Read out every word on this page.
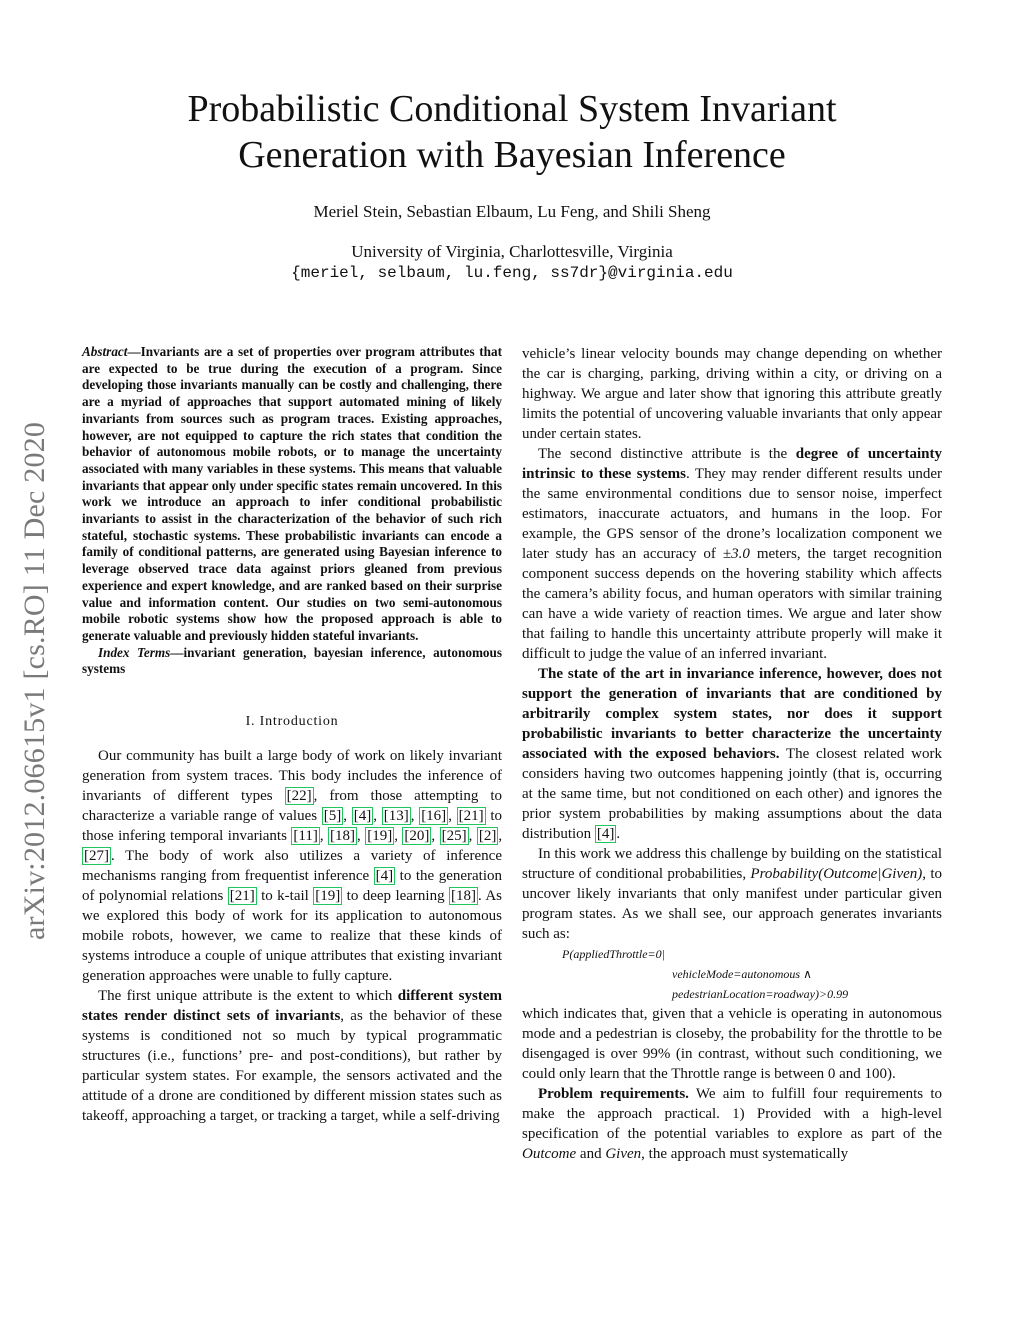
Probabilistic Conditional System Invariant
Generation with Bayesian Inference
Meriel Stein, Sebastian Elbaum, Lu Feng, and Shili Sheng
University of Virginia, Charlottesville, Virginia
{meriel, selbaum, lu.feng, ss7dr}@virginia.edu
arXiv:2012.06615v1 [cs.RO] 11 Dec 2020

Abstract—Invariants are a set of properties over program attributes that are expected to be true during the execution of a program. Since developing those invariants manually can be costly and challenging, there are a myriad of approaches that support automated mining of likely invariants from sources such as program traces. Existing approaches, however, are not equipped to capture the rich states that condition the behavior of autonomous mobile robots, or to manage the uncertainty associated with many variables in these systems. This means that valuable invariants that appear only under specific states remain uncovered. In this work we introduce an approach to infer conditional probabilistic invariants to assist in the characterization of the behavior of such rich stateful, stochastic systems. These probabilistic invariants can encode a family of conditional patterns, are generated using Bayesian inference to leverage observed trace data against priors gleaned from previous experience and expert knowledge, and are ranked based on their surprise value and information content. Our studies on two semi-autonomous mobile robotic systems show how the proposed approach is able to generate valuable and previously hidden stateful invariants.

Index Terms—invariant generation, bayesian inference, autonomous systems

I. Introduction

Our community has built a large body of work on likely invariant generation from system traces. This body includes the inference of invariants of different types [22] , from those attempting to characterize a variable range of values [5] , [4] , [13] , [16] , [21] to those infering temporal invariants [11] , [18] , [19] , [20] , [25] , [2] , [27] . The body of work also utilizes a variety of inference mechanisms ranging from frequentist inference [4] to the generation of polynomial relations [21] to k-tail [19] to deep learning [18] . As we explored this body of work for its application to autonomous mobile robots, however, we came to realize that these kinds of systems introduce a couple of unique attributes that existing invariant generation approaches were unable to fully capture.

The first unique attribute is the extent to which different system states render distinct sets of invariants, as the behavior of these systems is conditioned not so much by typical programmatic structures (i.e., functions’ pre- and post-conditions), but rather by particular system states. For example, the sensors activated and the attitude of a drone are conditioned by different mission states such as takeoff, approaching a target, or tracking a target, while a self-driving

vehicle’s linear velocity bounds may change depending on whether the car is charging, parking, driving within a city, or driving on a highway. We argue and later show that ignoring this attribute greatly limits the potential of uncovering valuable invariants that only appear under certain states.

The second distinctive attribute is the degree of uncertainty intrinsic to these systems. They may render different results under the same environmental conditions due to sensor noise, imperfect estimators, inaccurate actuators, and humans in the loop. For example, the GPS sensor of the drone’s localization component we later study has an accuracy of ±3.0 meters, the target recognition component success depends on the hovering stability which affects the camera’s ability focus, and human operators with similar training can have a wide variety of reaction times. We argue and later show that failing to handle this uncertainty attribute properly will make it difficult to judge the value of an inferred invariant.

The state of the art in invariance inference, however, does not support the generation of invariants that are conditioned by arbitrarily complex system states, nor does it support probabilistic invariants to better characterize the uncertainty associated with the exposed behaviors. The closest related work considers having two outcomes happening jointly (that is, occurring at the same time, but not conditioned on each other) and ignores the prior system probabilities by making assumptions about the data distribution [4] .

In this work we address this challenge by building on the statistical structure of conditional probabilities, Probability(Outcome|Given), to uncover likely invariants that only manifest under particular given program states. As we shall see, our approach generates invariants such as:

P(appliedThrottle=0|
vehicleMode=autonomous ∧
pedestrianLocation=roadway)>0.99

which indicates that, given that a vehicle is operating in autonomous mode and a pedestrian is closeby, the probability for the throttle to be disengaged is over 99% (in contrast, without such conditioning, we could only learn that the Throttle range is between 0 and 100).

Problem requirements. We aim to fulfill four requirements to make the approach practical. 1) Provided with a high-level specification of the potential variables to explore as part of the Outcome and Given, the approach must systematically
